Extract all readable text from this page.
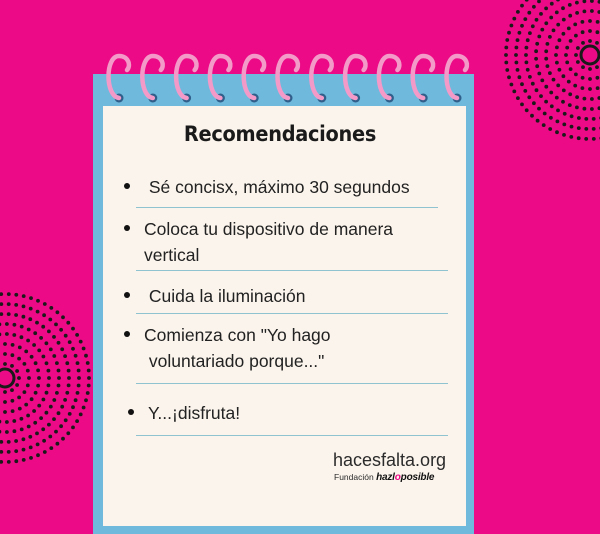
Recomendaciones
Sé concisx, máximo 30 segundos
Coloca tu dispositivo de manera
vertical
Cuida la iluminación
Comienza con "Yo hago
voluntariado porque..."
Y...¡disfruta!
hacesfalta.org
Fundación hazloposible
